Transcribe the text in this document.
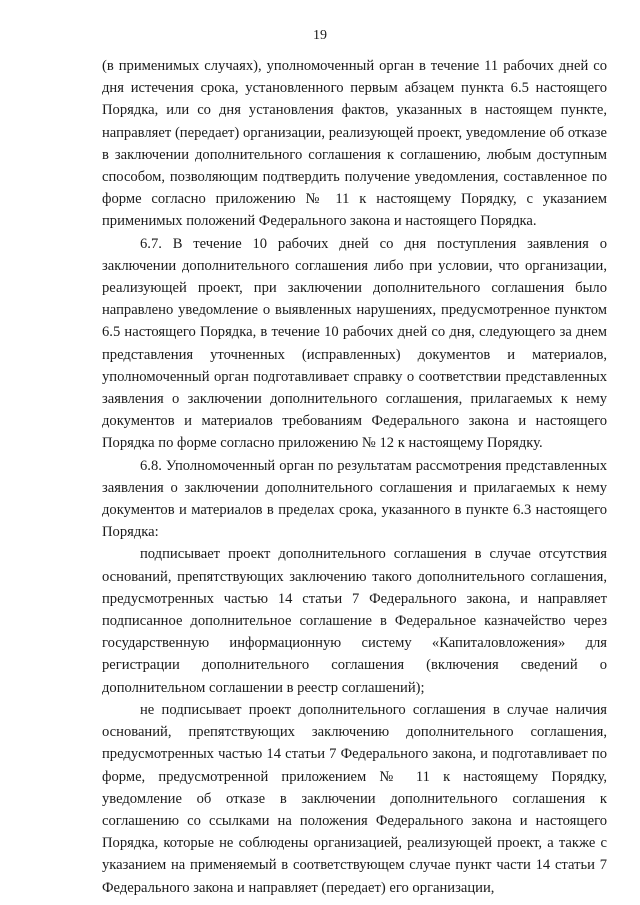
19

(в применимых случаях), уполномоченный орган в течение 11 рабочих дней со дня истечения срока, установленного первым абзацем пункта 6.5 настоящего Порядка, или со дня установления фактов, указанных в настоящем пункте, направляет (передает) организации, реализующей проект, уведомление об отказе в заключении дополнительного соглашения к соглашению, любым доступным способом, позволяющим подтвердить получение уведомления, составленное по форме согласно приложению № 11 к настоящему Порядку, с указанием применимых положений Федерального закона и настоящего Порядка.

6.7. В течение 10 рабочих дней со дня поступления заявления о заключении дополнительного соглашения либо при условии, что организации, реализующей проект, при заключении дополнительного соглашения было направлено уведомление о выявленных нарушениях, предусмотренное пунктом 6.5 настоящего Порядка, в течение 10 рабочих дней со дня, следующего за днем представления уточненных (исправленных) документов и материалов, уполномоченный орган подготавливает справку о соответствии представленных заявления о заключении дополнительного соглашения, прилагаемых к нему документов и материалов требованиям Федерального закона и настоящего Порядка по форме согласно приложению № 12 к настоящему Порядку.

6.8. Уполномоченный орган по результатам рассмотрения представленных заявления о заключении дополнительного соглашения и прилагаемых к нему документов и материалов в пределах срока, указанного в пункте 6.3 настоящего Порядка:

подписывает проект дополнительного соглашения в случае отсутствия оснований, препятствующих заключению такого дополнительного соглашения, предусмотренных частью 14 статьи 7 Федерального закона, и направляет подписанное дополнительное соглашение в Федеральное казначейство через государственную информационную систему «Капиталовложения» для регистрации дополнительного соглашения (включения сведений о дополнительном соглашении в реестр соглашений);

не подписывает проект дополнительного соглашения в случае наличия оснований, препятствующих заключению дополнительного соглашения, предусмотренных частью 14 статьи 7 Федерального закона, и подготавливает по форме, предусмотренной приложением № 11 к настоящему Порядку, уведомление об отказе в заключении дополнительного соглашения к соглашению со ссылками на положения Федерального закона и настоящего Порядка, которые не соблюдены организацией, реализующей проект, а также с указанием на применяемый в соответствующем случае пункт части 14 статьи 7 Федерального закона и направляет (передает) его организации,
